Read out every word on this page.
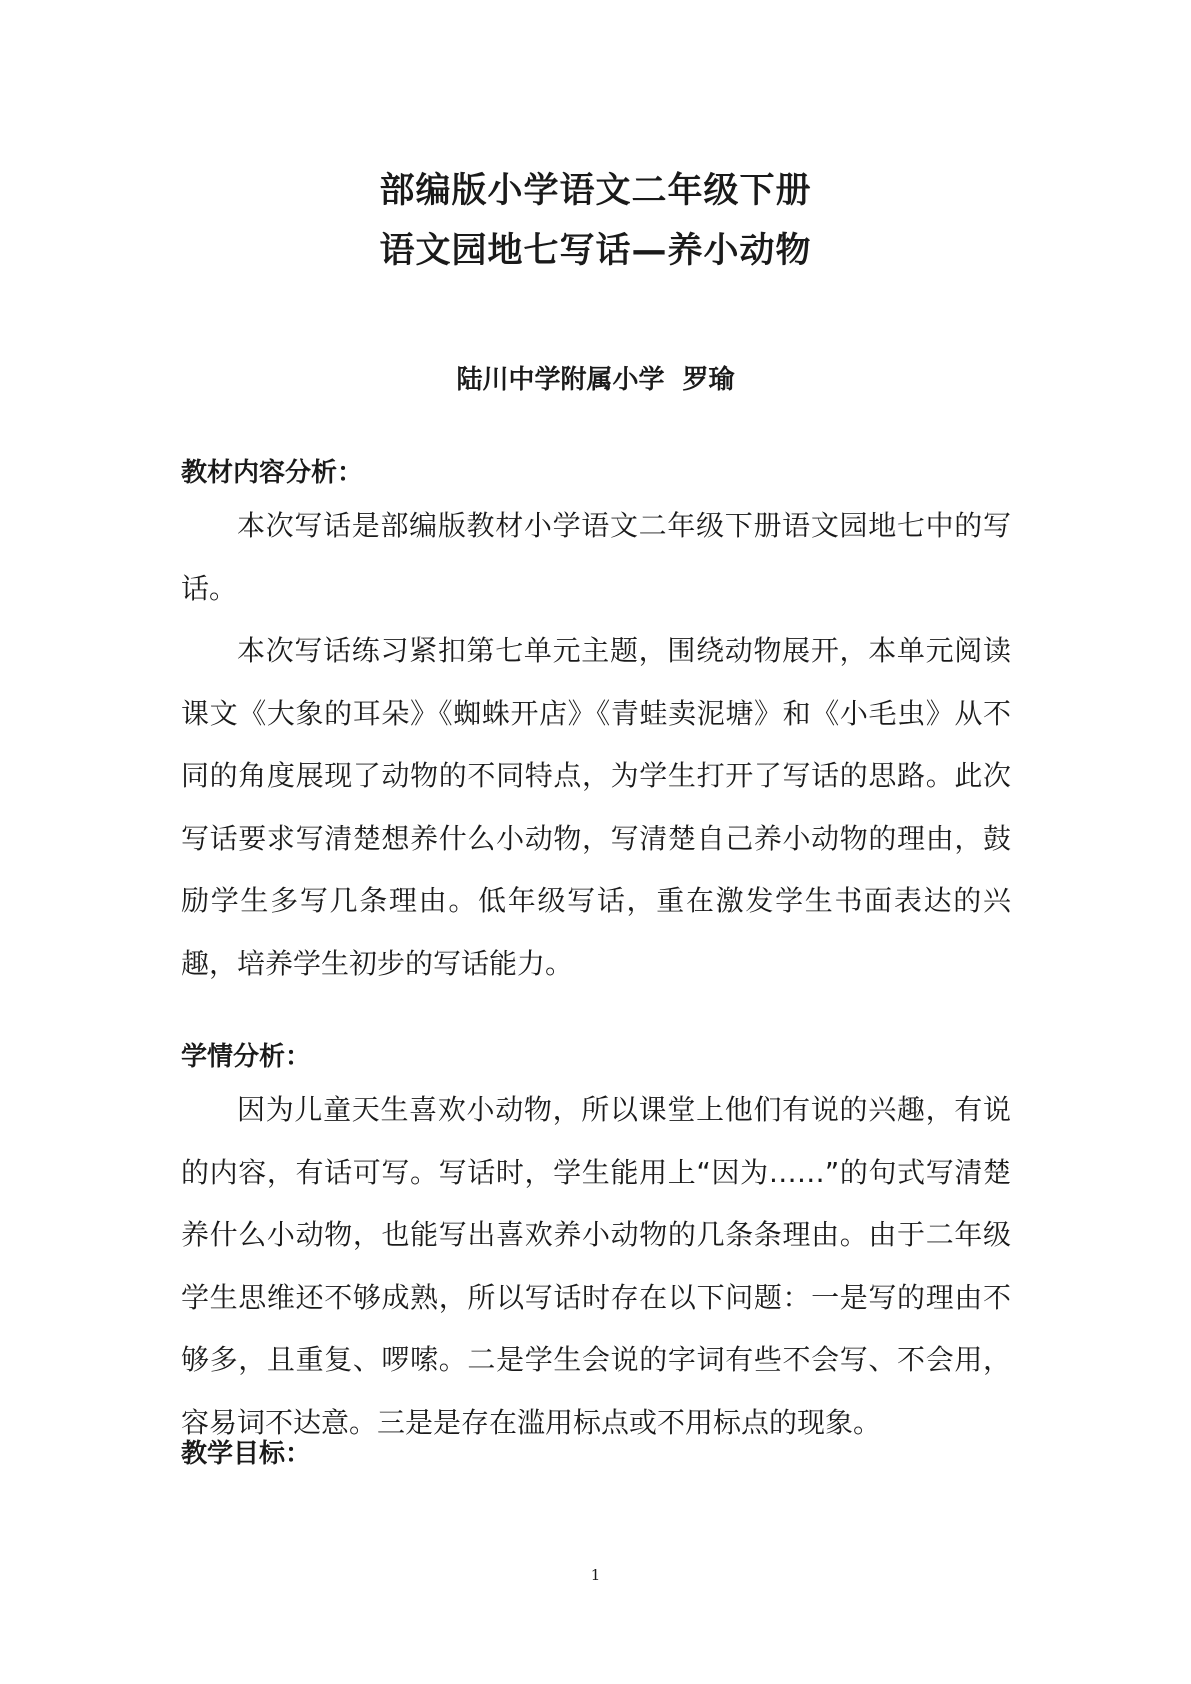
部编版小学语文二年级下册
语文园地七写话—养小动物
陆川中学附属小学  罗瑜
教材内容分析：

本次写话是部编版教材小学语文二年级下册语文园地七中的写话。

本次写话练习紧扣第七单元主题，围绕动物展开，本单元阅读课文《大象的耳朵》《蜘蛛开店》《青蛙卖泥塘》和《小毛虫》从不同的角度展现了动物的不同特点，为学生打开了写话的思路。此次写话要求写清楚想养什么小动物，写清楚自己养小动物的理由，鼓励学生多写几条理由。低年级写话，重在激发学生书面表达的兴趣，培养学生初步的写话能力。

学情分析：

因为儿童天生喜欢小动物，所以课堂上他们有说的兴趣，有说的内容，有话可写。写话时，学生能用上“因为……”的句式写清楚养什么小动物，也能写出喜欢养小动物的几条条理由。由于二年级学生思维还不够成熟，所以写话时存在以下问题：一是写的理由不够多，且重复、啰嗦。二是学生会说的字词有些不会写、不会用，容易词不达意。三是是存在滥用标点或不用标点的现象。

教学目标：
1
